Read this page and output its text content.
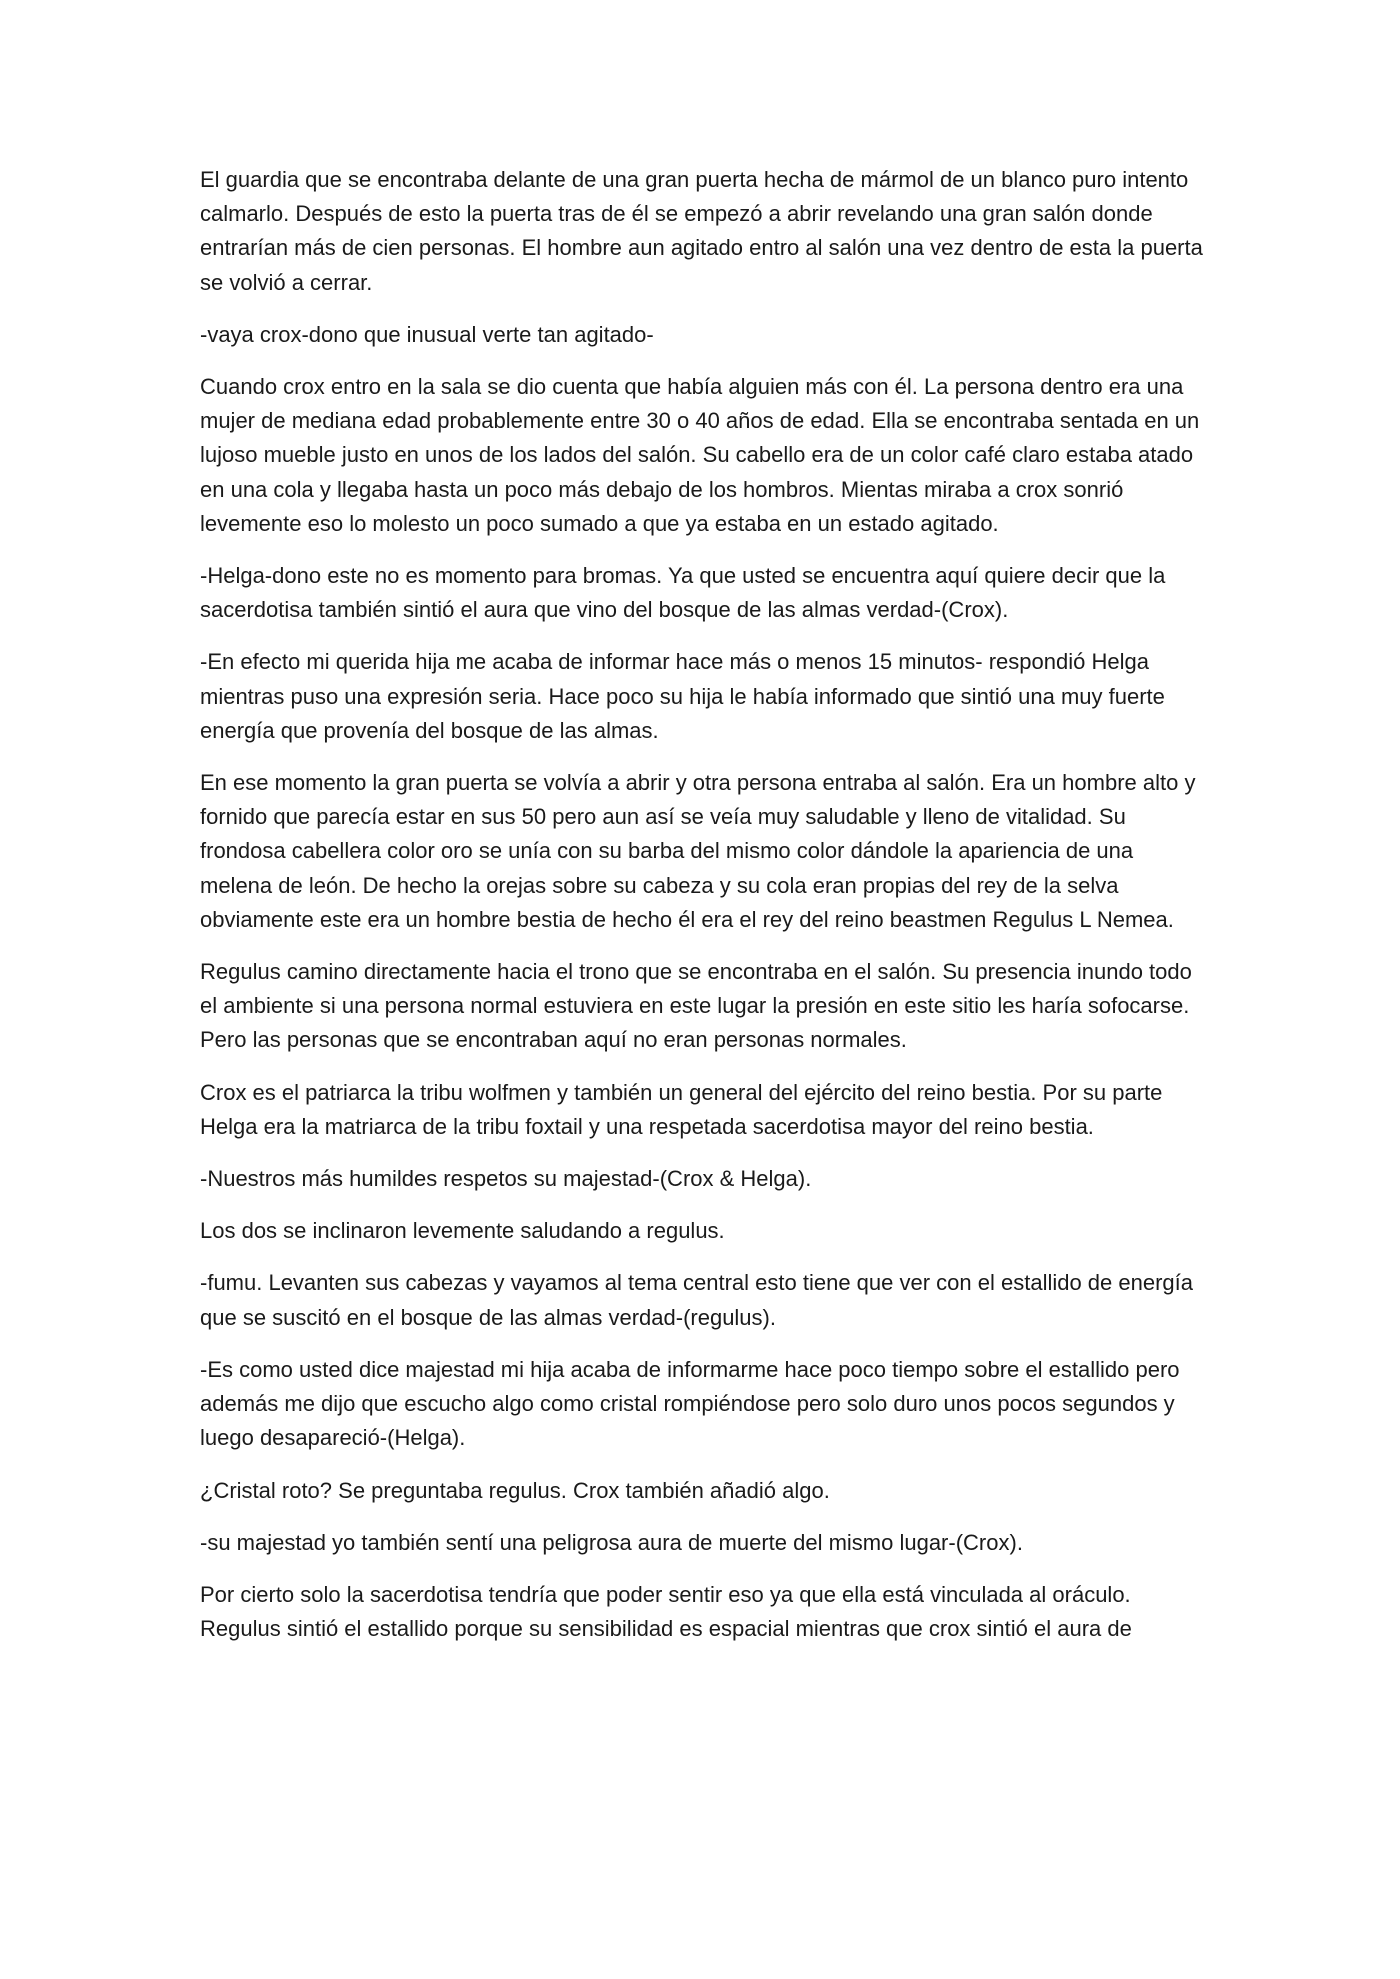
El guardia que se encontraba delante de una gran puerta hecha de mármol de un blanco puro intento calmarlo. Después de esto la puerta tras de él se empezó a abrir revelando una gran salón donde entrarían más de cien personas. El hombre aun agitado entro al salón una vez dentro de esta la puerta se volvió a cerrar.

-vaya crox-dono que inusual verte tan agitado-

Cuando crox entro en la sala se dio cuenta que había alguien más con él. La persona dentro era una mujer de mediana edad probablemente entre 30 o 40 años de edad. Ella se encontraba sentada en un lujoso mueble justo en unos de los lados del salón. Su cabello era de un color café claro estaba atado en una cola y llegaba hasta un poco más debajo de los hombros. Mientas miraba a crox sonrió levemente eso lo molesto un poco sumado a que ya estaba en un estado agitado.

-Helga-dono este no es momento para bromas. Ya que usted se encuentra aquí quiere decir que la sacerdotisa también sintió el aura que vino del bosque de las almas verdad-(Crox).

-En efecto mi querida hija me acaba de informar hace más o menos 15 minutos- respondió Helga mientras puso una expresión seria. Hace poco su hija le había informado que sintió una muy fuerte energía que provenía del bosque de las almas.

En ese momento la gran puerta se volvía a abrir y otra persona entraba al salón. Era un hombre alto y fornido que parecía estar en sus 50 pero aun así se veía muy saludable y lleno de vitalidad. Su frondosa cabellera color oro se unía con su barba del mismo color dándole la apariencia de una melena de león. De hecho la orejas sobre su cabeza y su cola eran propias del rey de la selva obviamente este era un hombre bestia de hecho él era el rey del reino beastmen Regulus L Nemea.

Regulus camino directamente hacia el trono que se encontraba en el salón. Su presencia inundo todo el ambiente si una persona normal estuviera en este lugar la presión en este sitio les haría sofocarse. Pero las personas que se encontraban aquí no eran personas normales.

Crox es el patriarca la tribu wolfmen y también un general del ejército del reino bestia. Por su parte Helga era la matriarca de la tribu foxtail y una respetada sacerdotisa mayor del reino bestia.

-Nuestros más humildes respetos su majestad-(Crox & Helga).

Los dos se inclinaron levemente saludando a regulus.

-fumu. Levanten sus cabezas y vayamos al tema central esto tiene que ver con el estallido de energía que se suscitó en el bosque de las almas verdad-(regulus).

-Es como usted dice majestad mi hija acaba de informarme hace poco tiempo sobre el estallido pero además me dijo que escucho algo como cristal rompiéndose pero solo duro unos pocos segundos y luego desapareció-(Helga).

¿Cristal roto? Se preguntaba regulus. Crox también añadió algo.

-su majestad yo también sentí una peligrosa aura de muerte del mismo lugar-(Crox).

Por cierto solo la sacerdotisa tendría que poder sentir eso ya que ella está vinculada al oráculo. Regulus sintió el estallido porque su sensibilidad es espacial mientras que crox sintió el aura de
